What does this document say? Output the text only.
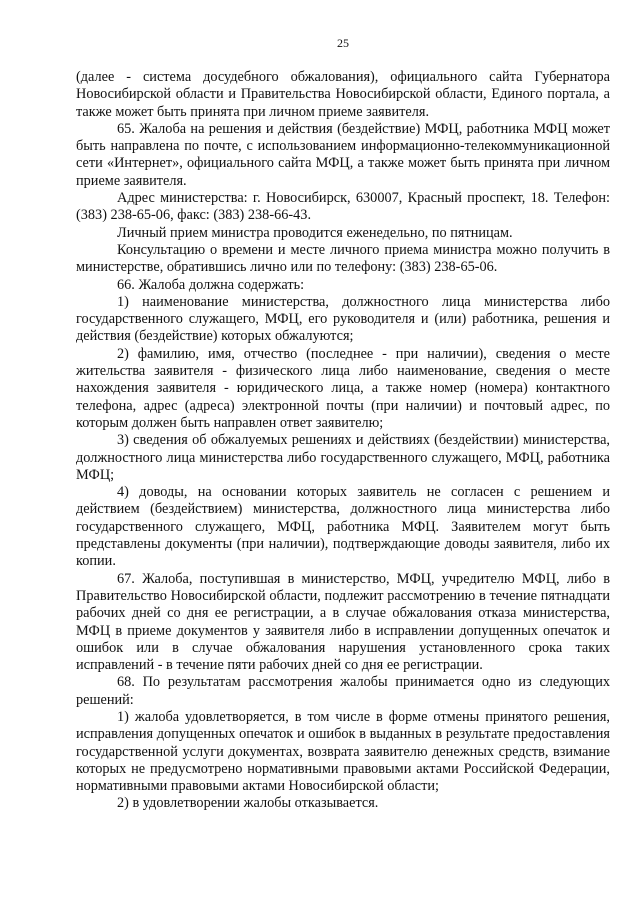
25

(далее - система досудебного обжалования), официального сайта Губернатора Новосибирской области и Правительства Новосибирской области, Единого портала, а также может быть принята при личном приеме заявителя.

65. Жалоба на решения и действия (бездействие) МФЦ, работника МФЦ может быть направлена по почте, с использованием информационно-телекоммуникационной сети «Интернет», официального сайта МФЦ, а также может быть принята при личном приеме заявителя.

Адрес министерства: г. Новосибирск, 630007, Красный проспект, 18. Телефон: (383) 238-65-06, факс: (383) 238-66-43.

Личный прием министра проводится еженедельно, по пятницам.

Консультацию о времени и месте личного приема министра можно получить в министерстве, обратившись лично или по телефону: (383) 238-65-06.

66. Жалоба должна содержать:

1) наименование министерства, должностного лица министерства либо государственного служащего, МФЦ, его руководителя и (или) работника, решения и действия (бездействие) которых обжалуются;

2) фамилию, имя, отчество (последнее - при наличии), сведения о месте жительства заявителя - физического лица либо наименование, сведения о месте нахождения заявителя - юридического лица, а также номер (номера) контактного телефона, адрес (адреса) электронной почты (при наличии) и почтовый адрес, по которым должен быть направлен ответ заявителю;

3) сведения об обжалуемых решениях и действиях (бездействии) министерства, должностного лица министерства либо государственного служащего, МФЦ, работника МФЦ;

4) доводы, на основании которых заявитель не согласен с решением и действием (бездействием) министерства, должностного лица министерства либо государственного служащего, МФЦ, работника МФЦ. Заявителем могут быть представлены документы (при наличии), подтверждающие доводы заявителя, либо их копии.

67. Жалоба, поступившая в министерство, МФЦ, учредителю МФЦ, либо в Правительство Новосибирской области, подлежит рассмотрению в течение пятнадцати рабочих дней со дня ее регистрации, а в случае обжалования отказа министерства, МФЦ в приеме документов у заявителя либо в исправлении допущенных опечаток и ошибок или в случае обжалования нарушения установленного срока таких исправлений - в течение пяти рабочих дней со дня ее регистрации.

68. По результатам рассмотрения жалобы принимается одно из следующих решений:

1) жалоба удовлетворяется, в том числе в форме отмены принятого решения, исправления допущенных опечаток и ошибок в выданных в результате предоставления государственной услуги документах, возврата заявителю денежных средств, взимание которых не предусмотрено нормативными правовыми актами Российской Федерации, нормативными правовыми актами Новосибирской области;

2) в удовлетворении жалобы отказывается.
